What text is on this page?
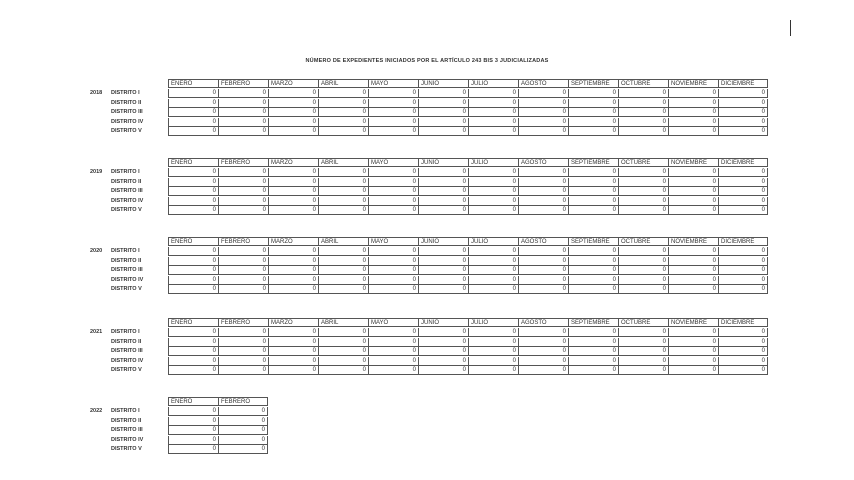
NÚMERO DE EXPEDIENTES INICIADOS POR EL ARTÍCULO 243 BIS 3 JUDICIALIZADAS
ENERO	FEBRERO	MARZO	ABRIL	MAYO	JUNIO	JULIO	AGOSTO	SEPTIEMBRE	OCTUBRE	NOVIEMBRE	DICIEMBRE
2018 DISTRITO I	0	0	0	0	0	0	0	0	0	0	0	0
DISTRITO II	0	0	0	0	0	0	0	0	0	0	0	0
DISTRITO III	0	0	0	0	0	0	0	0	0	0	0	0
DISTRITO IV	0	0	0	0	0	0	0	0	0	0	0	0
DISTRITO V	0	0	0	0	0	0	0	0	0	0	0	0
ENERO	FEBRERO	MARZO	ABRIL	MAYO	JUNIO	JULIO	AGOSTO	SEPTIEMBRE	OCTUBRE	NOVIEMBRE	DICIEMBRE
2019 DISTRITO I	0	0	0	0	0	0	0	0	0	0	0	0
DISTRITO II	0	0	0	0	0	0	0	0	0	0	0	0
DISTRITO III	0	0	0	0	0	0	0	0	0	0	0	0
DISTRITO IV	0	0	0	0	0	0	0	0	0	0	0	0
DISTRITO V	0	0	0	0	0	0	0	0	0	0	0	0
ENERO	FEBRERO	MARZO	ABRIL	MAYO	JUNIO	JULIO	AGOSTO	SEPTIEMBRE	OCTUBRE	NOVIEMBRE	DICIEMBRE
2020 DISTRITO I	0	0	0	0	0	0	0	0	0	0	0	0
DISTRITO II	0	0	0	0	0	0	0	0	0	0	0	0
DISTRITO III	0	0	0	0	0	0	0	0	0	0	0	0
DISTRITO IV	0	0	0	0	0	0	0	0	0	0	0	0
DISTRITO V	0	0	0	0	0	0	0	0	0	0	0	0
ENERO	FEBRERO	MARZO	ABRIL	MAYO	JUNIO	JULIO	AGOSTO	SEPTIEMBRE	OCTUBRE	NOVIEMBRE	DICIEMBRE
2021 DISTRITO I	0	0	0	0	0	0	0	0	0	0	0	0
DISTRITO II	0	0	0	0	0	0	0	0	0	0	0	0
DISTRITO III	0	0	0	0	0	0	0	0	0	0	0	0
DISTRITO IV	0	0	0	0	0	0	0	0	0	0	0	0
DISTRITO V	0	0	0	0	0	0	0	0	0	0	0	0
ENERO	FEBRERO
2022 DISTRITO I	0	0
DISTRITO II	0	0
DISTRITO III	0	0
DISTRITO IV	0	0
DISTRITO V	0	0
